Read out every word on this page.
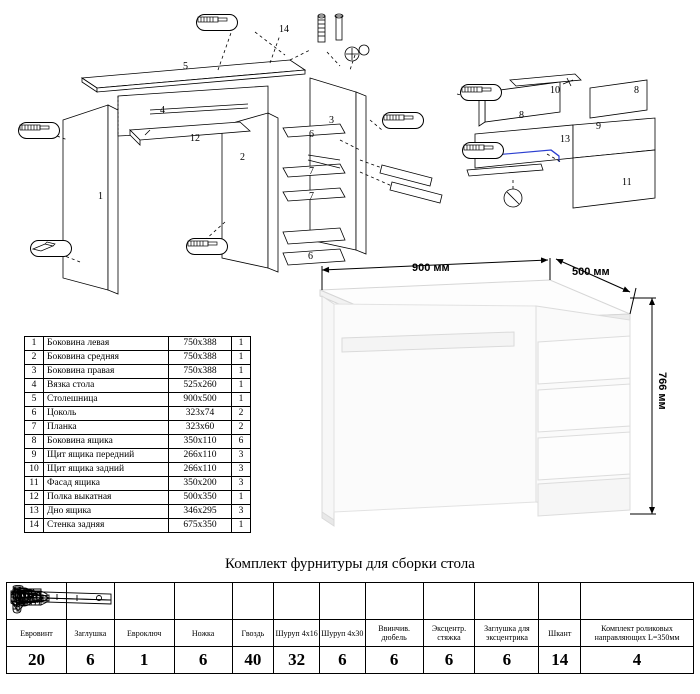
5
1
2
3
4
12
14
6
7
7
6
8
10	8
9
13
11
900 мм	500 мм
766 мм
1	Боковина левая	750х388	1
2	Боковина средняя	750х388	1
3	Боковина правая	750х388	1
4	Вязка стола	525х260	1
5	Столешница	900х500	1
6	Цоколь	323х74	2
7	Планка	323х60	2
8	Боковина ящика	350х110	6
9	Щит ящика передний	266х110	3
10	Щит ящика задний	266х110	3
11	Фасад ящика	350х200	3
12	Полка выкатная	500х350	1
13	Дно ящика	346х295	3
14	Стенка задняя	675х350	1
Комплект фурнитуры для сборки стола

Евровинт	Заглушка	Евроключ	Ножка	Гвоздь	Шуруп 4х16	Шуруп 4х30	Ввинчив. дюбель	Эксцентр. стяжка	Заглушка для эксцентрика	Шкант	Комплект роликовых направляющих L=350мм
20	6	1	6	40	32	6	6	6	6	14	4
